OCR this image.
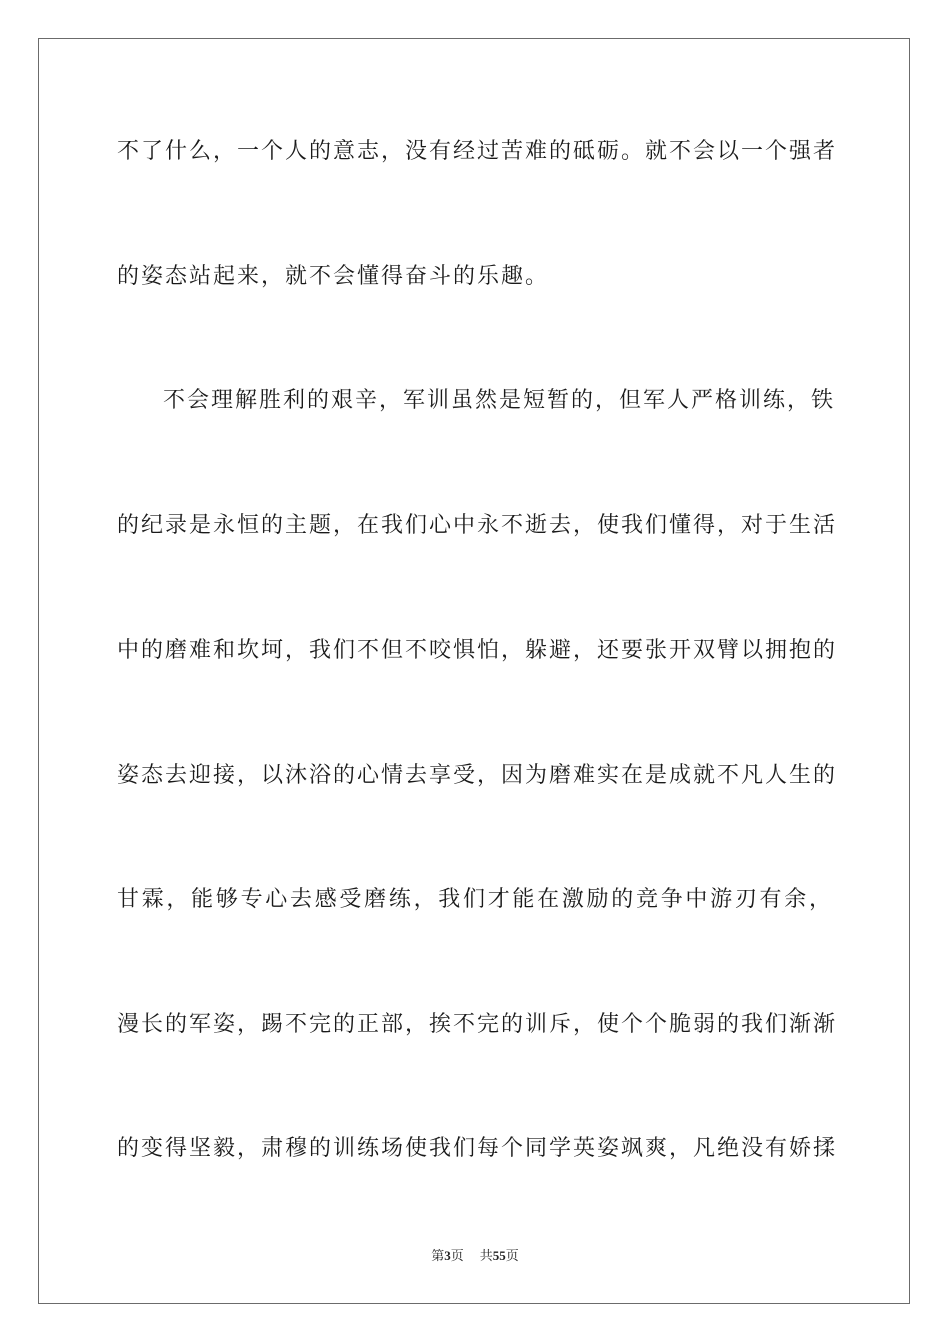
不了什么，一个人的意志，没有经过苦难的砥砺。就不会以一个强者
的姿态站起来，就不会懂得奋斗的乐趣。
不会理解胜利的艰辛，军训虽然是短暂的，但军人严格训练，铁
的纪录是永恒的主题，在我们心中永不逝去，使我们懂得，对于生活
中的磨难和坎坷，我们不但不咬惧怕，躲避，还要张开双臂以拥抱的
姿态去迎接，以沐浴的心情去享受，因为磨难实在是成就不凡人生的
甘霖，能够专心去感受磨练，我们才能在激励的竞争中游刃有余，
漫长的军姿，踢不完的正部，挨不完的训斥，使个个脆弱的我们渐渐
的变得坚毅，肃穆的训练场使我们每个同学英姿飒爽，凡绝没有娇揉
第3页 共55页
